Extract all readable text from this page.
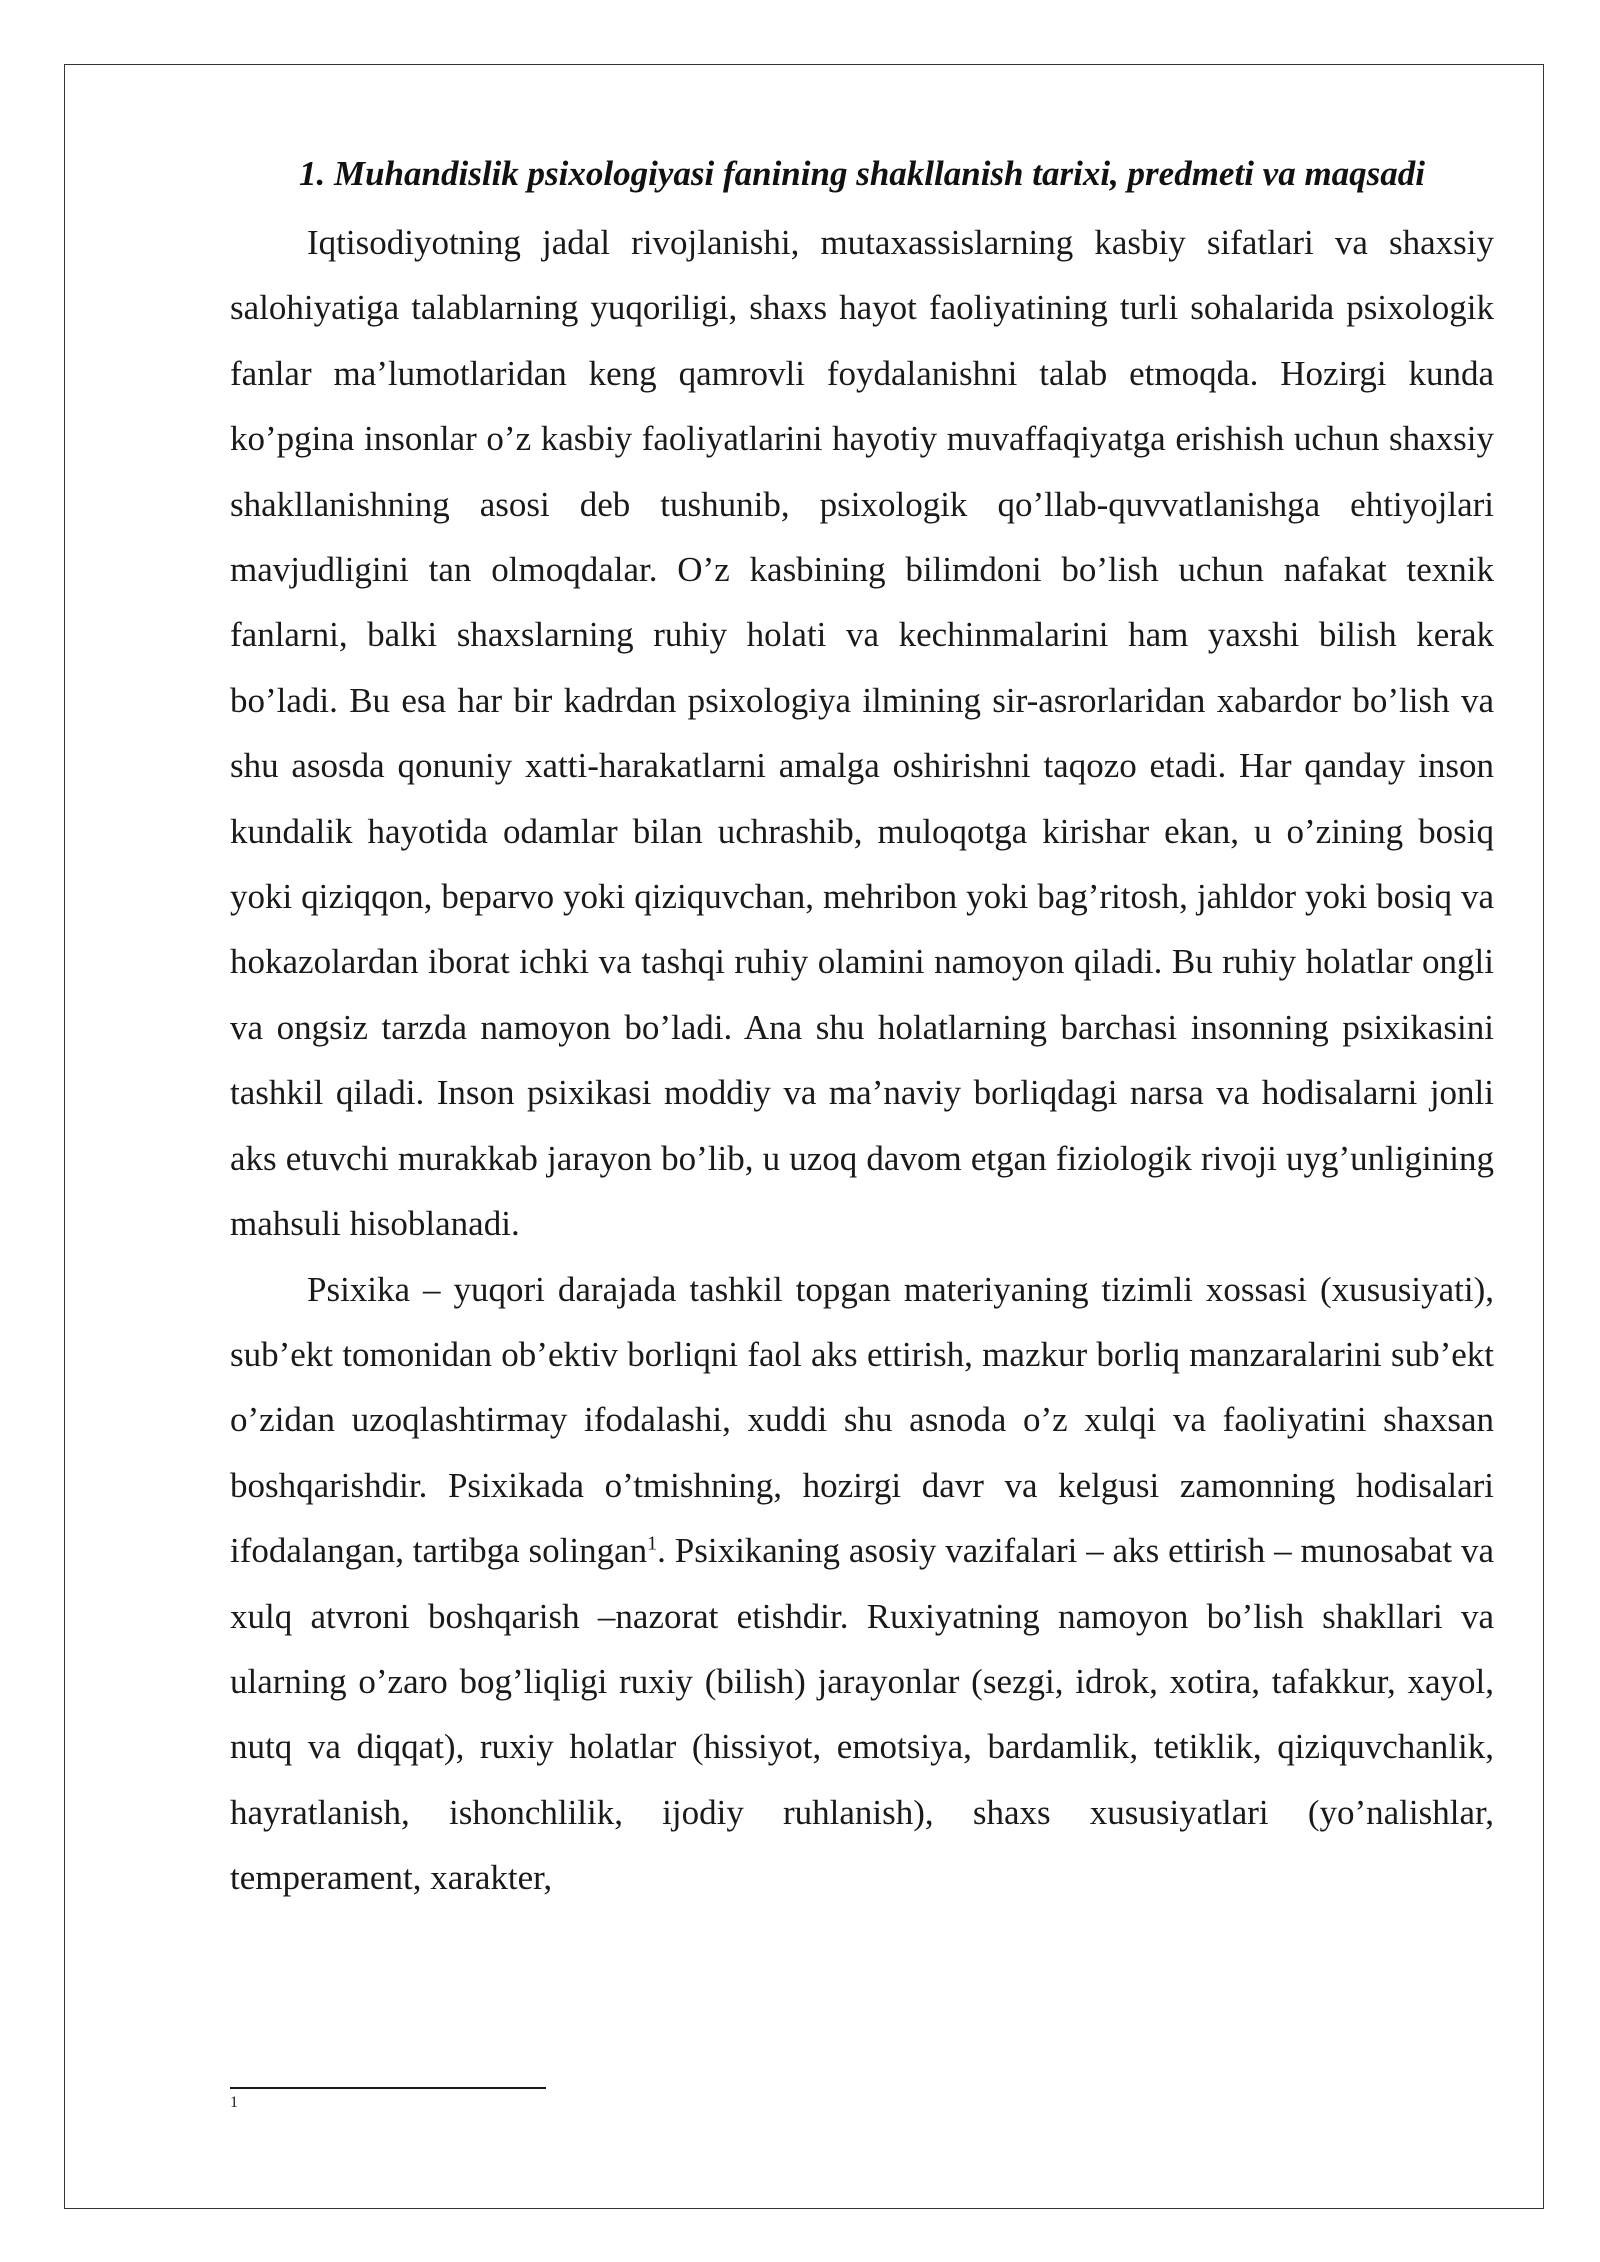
1. Muhandislik psixologiyasi fanining shakllanish tarixi, predmeti va maqsadi

Iqtisodiyotning jadal rivojlanishi, mutaxassislarning kasbiy sifatlari va shaxsiy salohiyatiga talablarning yuqoriligi, shaxs hayot faoliyatining turli sohalarida psixologik fanlar ma’lumotlaridan keng qamrovli foydalanishni talab etmoqda. Hozirgi kunda ko’pgina insonlar o’z kasbiy faoliyatlarini hayotiy muvaffaqiyatga erishish uchun shaxsiy shakllanishning asosi deb tushunib, psixologik qo’llab-quvvatlanishga ehtiyojlari mavjudligini tan olmoqdalar. O’z kasbining bilimdoni bo’lish uchun nafakat texnik fanlarni, balki shaxslarning ruhiy holati va kechinmalarini ham yaxshi bilish kerak bo’ladi. Bu esa har bir kadrdan psixologiya ilmining sir-asrorlaridan xabardor bo’lish va shu asosda qonuniy xatti-harakatlarni amalga oshirishni taqozo etadi. Har qanday inson kundalik hayotida odamlar bilan uchrashib, muloqotga kirishar ekan, u o’zining bosiq yoki qiziqqon, beparvo yoki qiziquvchan, mehribon yoki bag’ritosh, jahldor yoki bosiq va hokazolardan iborat ichki va tashqi ruhiy olamini namoyon qiladi. Bu ruhiy holatlar ongli va ongsiz tarzda namoyon bo’ladi. Ana shu holatlarning barchasi insonning psixikasini tashkil qiladi. Inson psixikasi moddiy va ma’naviy borliqdagi narsa va hodisalarni jonli aks etuvchi murakkab jarayon bo’lib, u uzoq davom etgan fiziologik rivoji uyg’unligining mahsuli hisoblanadi.

Psixika – yuqori darajada tashkil topgan materiyaning tizimli xossasi (xususiyati), sub’ekt tomonidan ob’ektiv borliqni faol aks ettirish, mazkur borliq manzaralarini sub’ekt o’zidan uzoqlashtirmay ifodalashi, xuddi shu asnoda o’z xulqi va faoliyatini shaxsan boshqarishdir. Psixikada o’tmishning, hozirgi davr va kelgusi zamonning hodisalari ifodalangan, tartibga solingan$^1$. Psixikaning asosiy vazifalari – aks ettirish – munosabat va xulq atvroni boshqarish –nazorat etishdir. Ruxiyatning namoyon bo’lish shakllari va ularning o’zaro bog’liqligi ruxiy (bilish) jarayonlar (sezgi, idrok, xotira, tafakkur, xayol, nutq va diqqat), ruxiy holatlar (hissiyot, emotsiya, bardamlik, tetiklik, qiziquvchanlik, hayratlanish, ishonchlilik, ijodiy ruhlanish), shaxs xususiyatlari (yo’nalishlar, temperament, xarakter,

1
